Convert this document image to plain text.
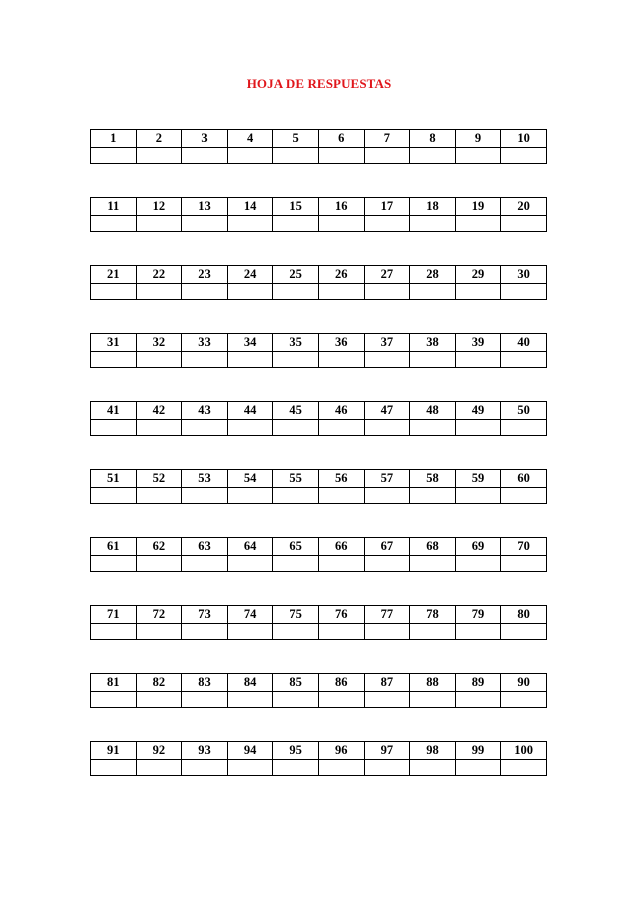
HOJA DE RESPUESTAS
1	2	3	4	5	6	7	8	9	10

11	12	13	14	15	16	17	18	19	20

21	22	23	24	25	26	27	28	29	30

31	32	33	34	35	36	37	38	39	40

41	42	43	44	45	46	47	48	49	50

51	52	53	54	55	56	57	58	59	60

61	62	63	64	65	66	67	68	69	70

71	72	73	74	75	76	77	78	79	80

81	82	83	84	85	86	87	88	89	90

91	92	93	94	95	96	97	98	99	100
